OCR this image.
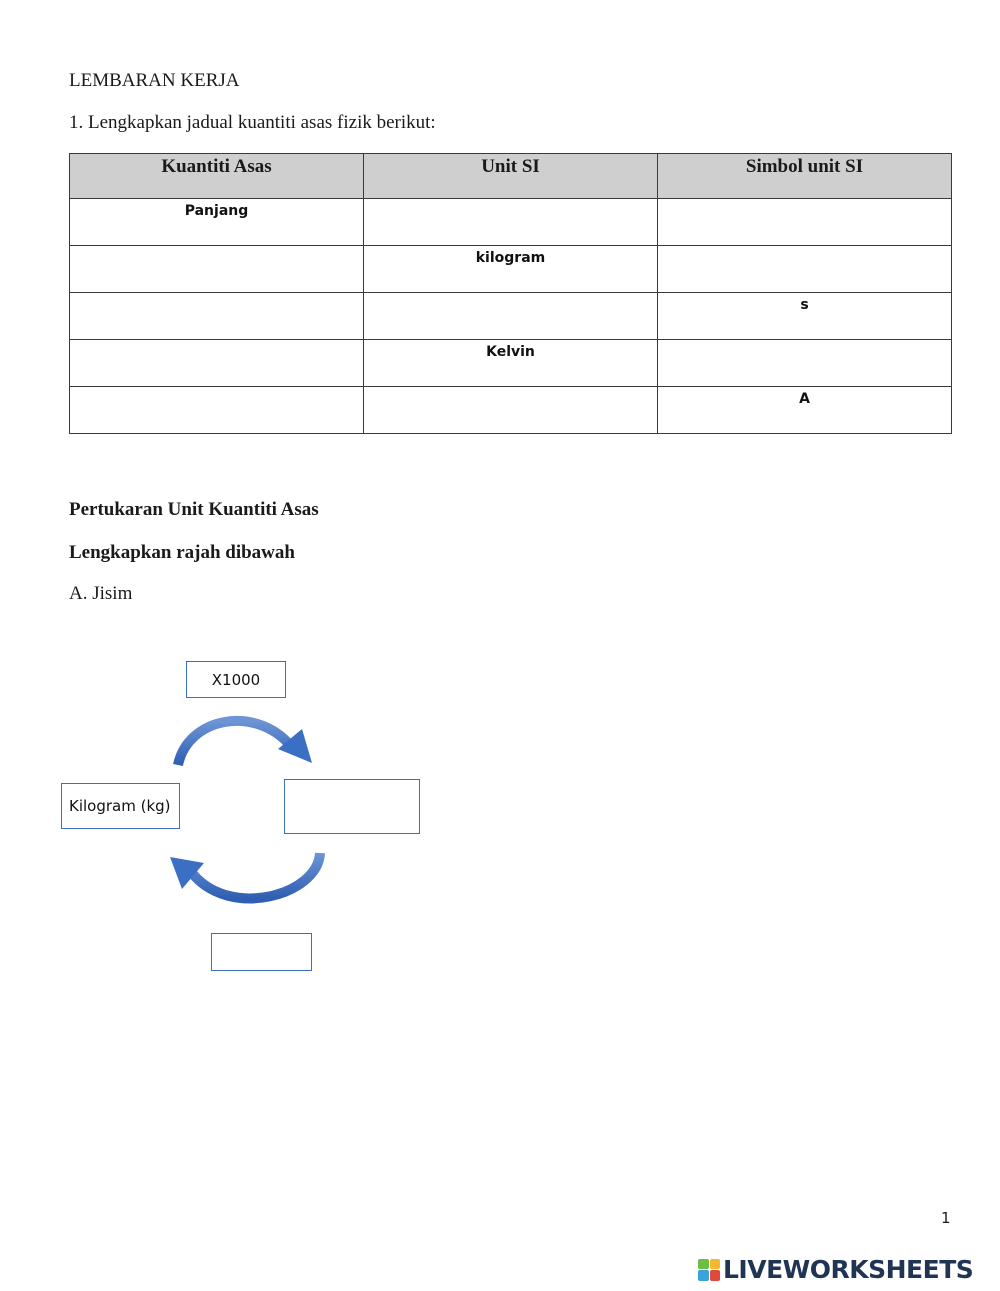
LEMBARAN KERJA
1. Lengkapkan jadual kuantiti asas fizik berikut:
Kuantiti Asas	Unit SI	Simbol unit SI
Panjang		
	kilogram	
		s
	Kelvin	
		A
Pertukaran Unit Kuantiti Asas
Lengkapkan rajah dibawah
A. Jisim
X1000
Kilogram (kg)
1
LIVEWORKSHEETS
